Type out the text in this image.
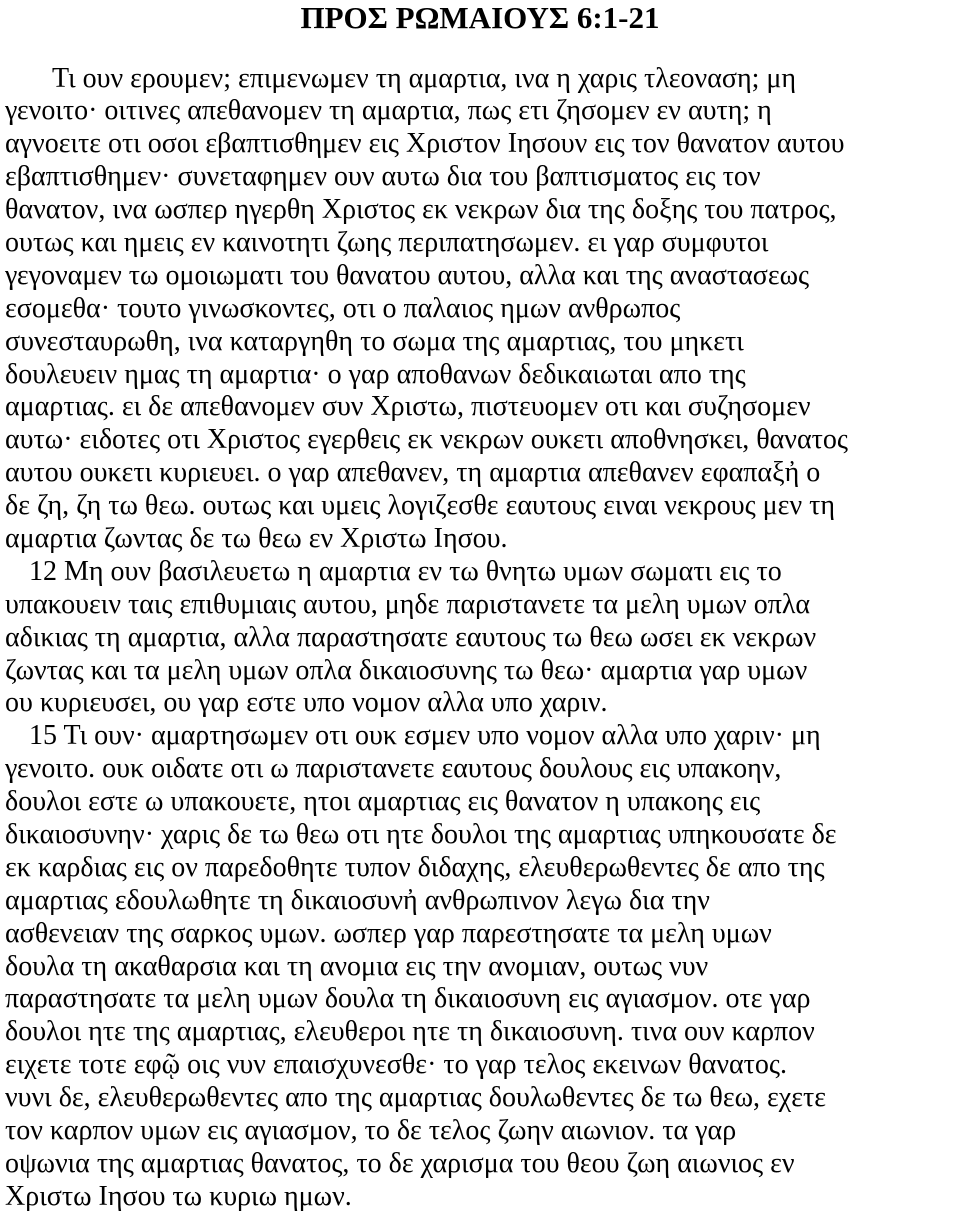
ΠΡΟΣ ΡΩΜΑΙΟΥΣ 6:1-21
Τι ουν ερουμεν; επιμενωμεν τη αμαρτια, ινα η χαρις τλεοναση; μη
γενοιτο· οιτινες απεθανομεν τη αμαρτια, πως ετι ζησομεν εν αυτη; η
αγνοειτε οτι οσοι εβαπτισθημεν εις Χριστον Ιησουν εις τον θανατον αυτου
εβαπτισθημεν· συνεταφημεν ουν αυτω δια του βαπτισματος εις τον
θανατον, ινα ωσπερ ηγερθη Χριστος εκ νεκρων δια της δοξης του πατρος,
ουτως και ημεις εν καινοτητι ζωης περιπατησωμεν. ει γαρ συμφυτοι
γεγοναμεν τω ομοιωματι του θανατου αυτου, αλλα και της αναστασεως
εσομεθα· τουτο γινωσκοντες, οτι ο παλαιος ημων ανθρωπος
συνεσταυρωθη, ινα καταργηθη το σωμα της αμαρτιας, του μηκετι
δουλευειν ημας τη αμαρτια· ο γαρ αποθανων δεδικαιωται απο της
αμαρτιας. ει δε απεθανομεν συν Χριστω, πιστευομεν οτι και συζησομεν
αυτω· ειδοτες οτι Χριστος εγερθεις εκ νεκρων ουκετι αποθνησκει, θανατος
αυτου ουκετι κυριευει. ο γαρ απεθανεν, τη αμαρτια απεθανεν εφαπαξἠ ο
δε ζη, ζη τω θεω. ουτως και υμεις λογιζεσθε εαυτους ειναι νεκρους μεν τη
αμαρτια ζωντας δε τω θεω εν Χριστω Ιησου.
12 Μη ουν βασιλευετω η αμαρτια εν τω θνητω υμων σωματι εις το
υπακουειν ταις επιθυμιαις αυτου, μηδε παριστανετε τα μελη υμων οπλα
αδικιας τη αμαρτια, αλλα παραστησατε εαυτους τω θεω ωσει εκ νεκρων
ζωντας και τα μελη υμων οπλα δικαιοσυνης τω θεω· αμαρτια γαρ υμων
ου κυριευσει, ου γαρ εστε υπο νομον αλλα υπο χαριν.
15 Τι ουν· αμαρτησωμεν οτι ουκ εσμεν υπο νομον αλλα υπο χαριν· μη
γενοιτο. ουκ οιδατε οτι ω παριστανετε εαυτους δουλους εις υπακοην,
δουλοι εστε ω υπακουετε, ητοι αμαρτιας εις θανατον η υπακοης εις
δικαιοσυνην· χαρις δε τω θεω οτι ητε δουλοι της αμαρτιας υπηκουσατε δε
εκ καρδιας εις ον παρεδοθητε τυπον διδαχης, ελευθερωθεντες δε απο της
αμαρτιας εδουλωθητε τη δικαιοσυνἠ ανθρωπινον λεγω δια την
ασθενειαν της σαρκος υμων. ωσπερ γαρ παρεστησατε τα μελη υμων
δουλα τη ακαθαρσια και τη ανομια εις την ανομιαν, ουτως νυν
παραστησατε τα μελη υμων δουλα τη δικαιοσυνη εις αγιασμον. οτε γαρ
δουλοι ητε της αμαρτιας, ελευθεροι ητε τη δικαιοσυνη. τινα ουν καρπον
ειχετε τοτε εφῷ οις νυν επαισχυνεσθε· το γαρ τελος εκεινων θανατος.
νυνι δε, ελευθερωθεντες απο της αμαρτιας δουλωθεντες δε τω θεω, εχετε
τον καρπον υμων εις αγιασμον, το δε τελος ζωην αιωνιον. τα γαρ
οψωνια της αμαρτιας θανατος, το δε χαρισμα του θεου ζωη αιωνιος εν
Χριστω Ιησου τω κυριω ημων.
